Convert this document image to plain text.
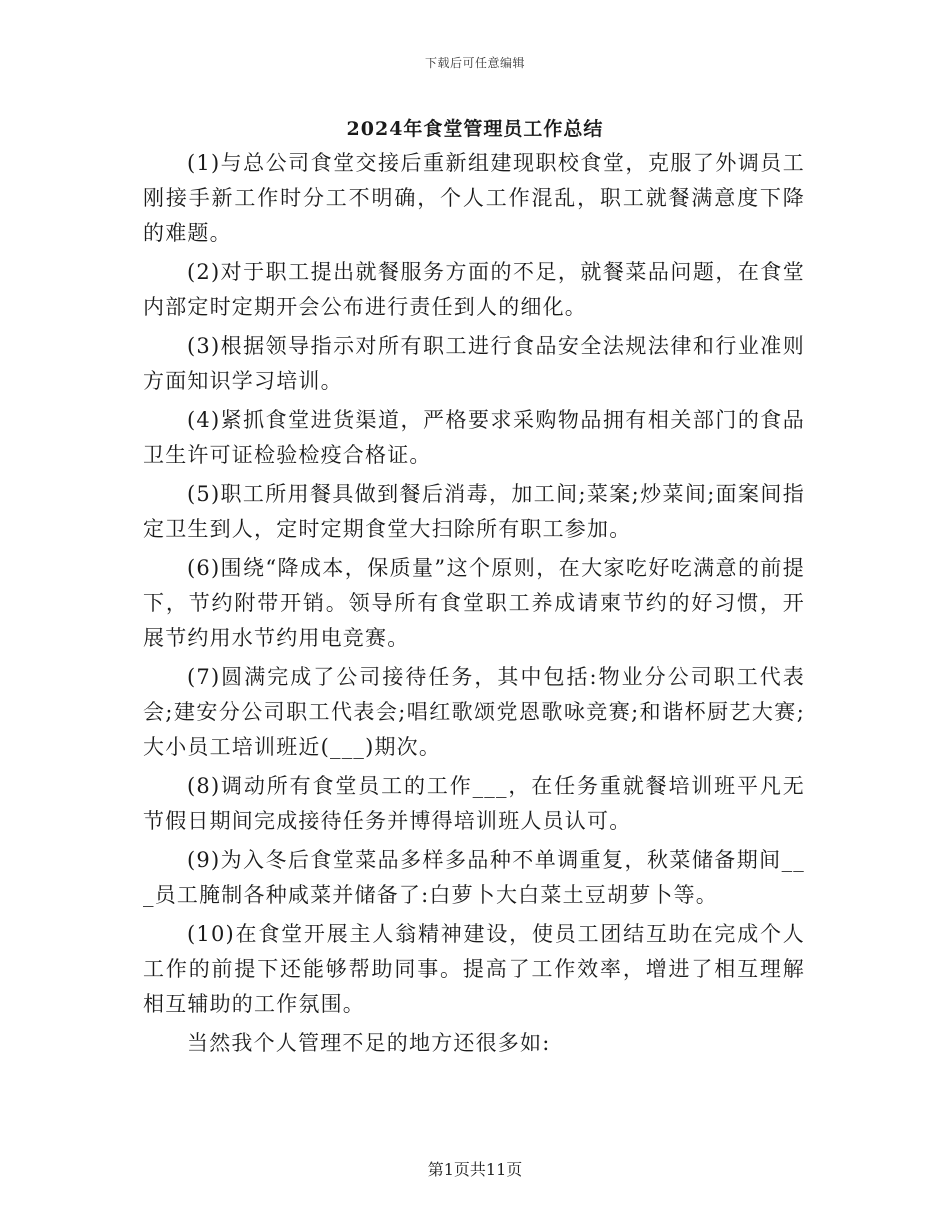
下载后可任意编辑
2024年食堂管理员工作总结

(1)与总公司食堂交接后重新组建现职校食堂，克服了外调员工刚接手新工作时分工不明确，个人工作混乱，职工就餐满意度下降的难题。

(2)对于职工提出就餐服务方面的不足，就餐菜品问题，在食堂内部定时定期开会公布进行责任到人的细化。

(3)根据领导指示对所有职工进行食品安全法规法律和行业准则方面知识学习培训。

(4)紧抓食堂进货渠道，严格要求采购物品拥有相关部门的食品卫生许可证检验检疫合格证。

(5)职工所用餐具做到餐后消毒，加工间;菜案;炒菜间;面案间指定卫生到人，定时定期食堂大扫除所有职工参加。

(6)围绕“降成本，保质量”这个原则，在大家吃好吃满意的前提下，节约附带开销。领导所有食堂职工养成请柬节约的好习惯，开展节约用水节约用电竞赛。

(7)圆满完成了公司接待任务，其中包括:物业分公司职工代表会;建安分公司职工代表会;唱红歌颂党恩歌咏竞赛;和谐杯厨艺大赛;大小员工培训班近(___)期次。

(8)调动所有食堂员工的工作___，在任务重就餐培训班平凡无节假日期间完成接待任务并博得培训班人员认可。

(9)为入冬后食堂菜品多样多品种不单调重复，秋菜储备期间___员工腌制各种咸菜并储备了:白萝卜大白菜土豆胡萝卜等。

(10)在食堂开展主人翁精神建设，使员工团结互助在完成个人工作的前提下还能够帮助同事。提高了工作效率，增进了相互理解相互辅助的工作氛围。

当然我个人管理不足的地方还很多如:

第1页共11页
